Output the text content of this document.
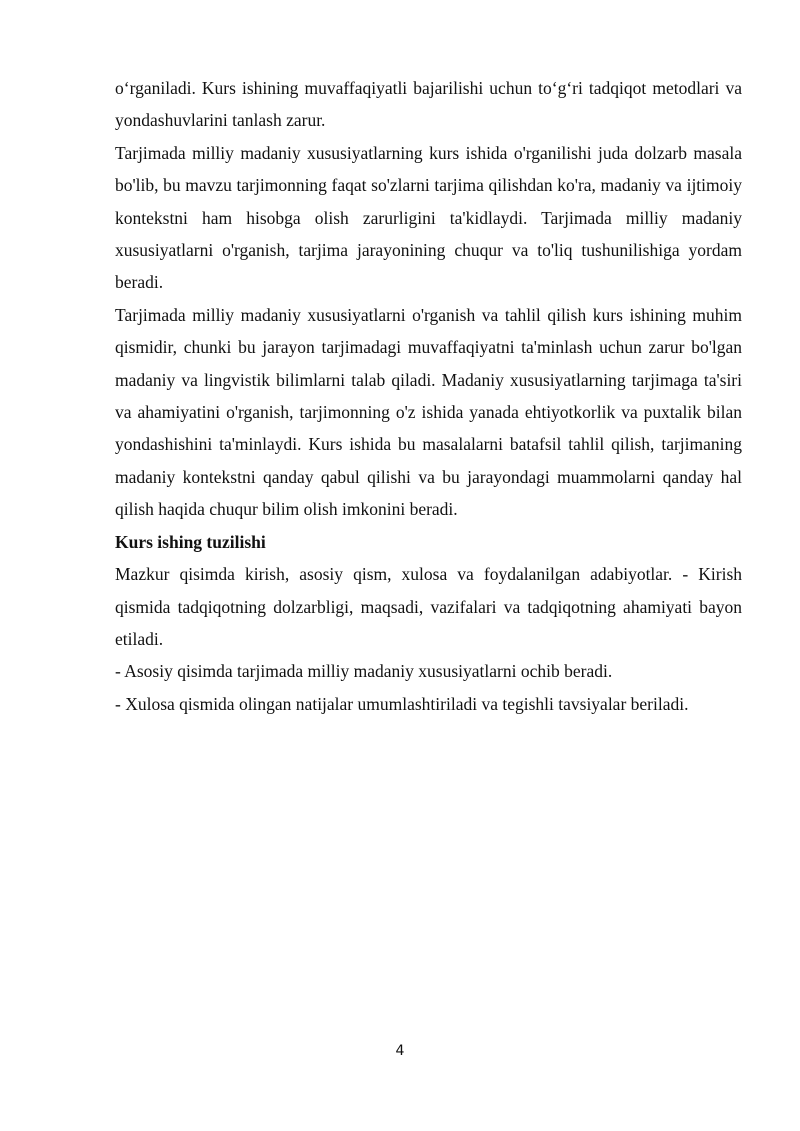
o‘rganiladi. Kurs ishining muvaffaqiyatli bajarilishi uchun to‘g‘ri tadqiqot metodlari va yondashuvlarini tanlash zarur.

Tarjimada milliy madaniy xususiyatlarning kurs ishida o'rganilishi juda dolzarb masala bo'lib, bu mavzu tarjimonning faqat so'zlarni tarjima qilishdan ko'ra, madaniy va ijtimoiy kontekstni ham hisobga olish zarurligini ta'kidlaydi. Tarjimada milliy madaniy xususiyatlarni o'rganish, tarjima jarayonining chuqur va to'liq tushunilishiga yordam beradi.

Tarjimada milliy madaniy xususiyatlarni o'rganish va tahlil qilish kurs ishining muhim qismidir, chunki bu jarayon tarjimadagi muvaffaqiyatni ta'minlash uchun zarur bo'lgan madaniy va lingvistik bilimlarni talab qiladi. Madaniy xususiyatlarning tarjimaga ta'siri va ahamiyatini o'rganish, tarjimonning o'z ishida yanada ehtiyotkorlik va puxtalik bilan yondashishini ta'minlaydi. Kurs ishida bu masalalarni batafsil tahlil qilish, tarjimaning madaniy kontekstni qanday qabul qilishi va bu jarayondagi muammolarni qanday hal qilish haqida chuqur bilim olish imkonini beradi.

Kurs ishing tuzilishi

Mazkur qisimda kirish, asosiy qism, xulosa va foydalanilgan adabiyotlar. - Kirish qismida tadqiqotning dolzarbligi, maqsadi, vazifalari va tadqiqotning ahamiyati bayon etiladi.

- Asosiy qisimda tarjimada milliy madaniy xususiyatlarni ochib beradi.

- Xulosa qismida olingan natijalar umumlashtiriladi va tegishli tavsiyalar beriladi.

4
